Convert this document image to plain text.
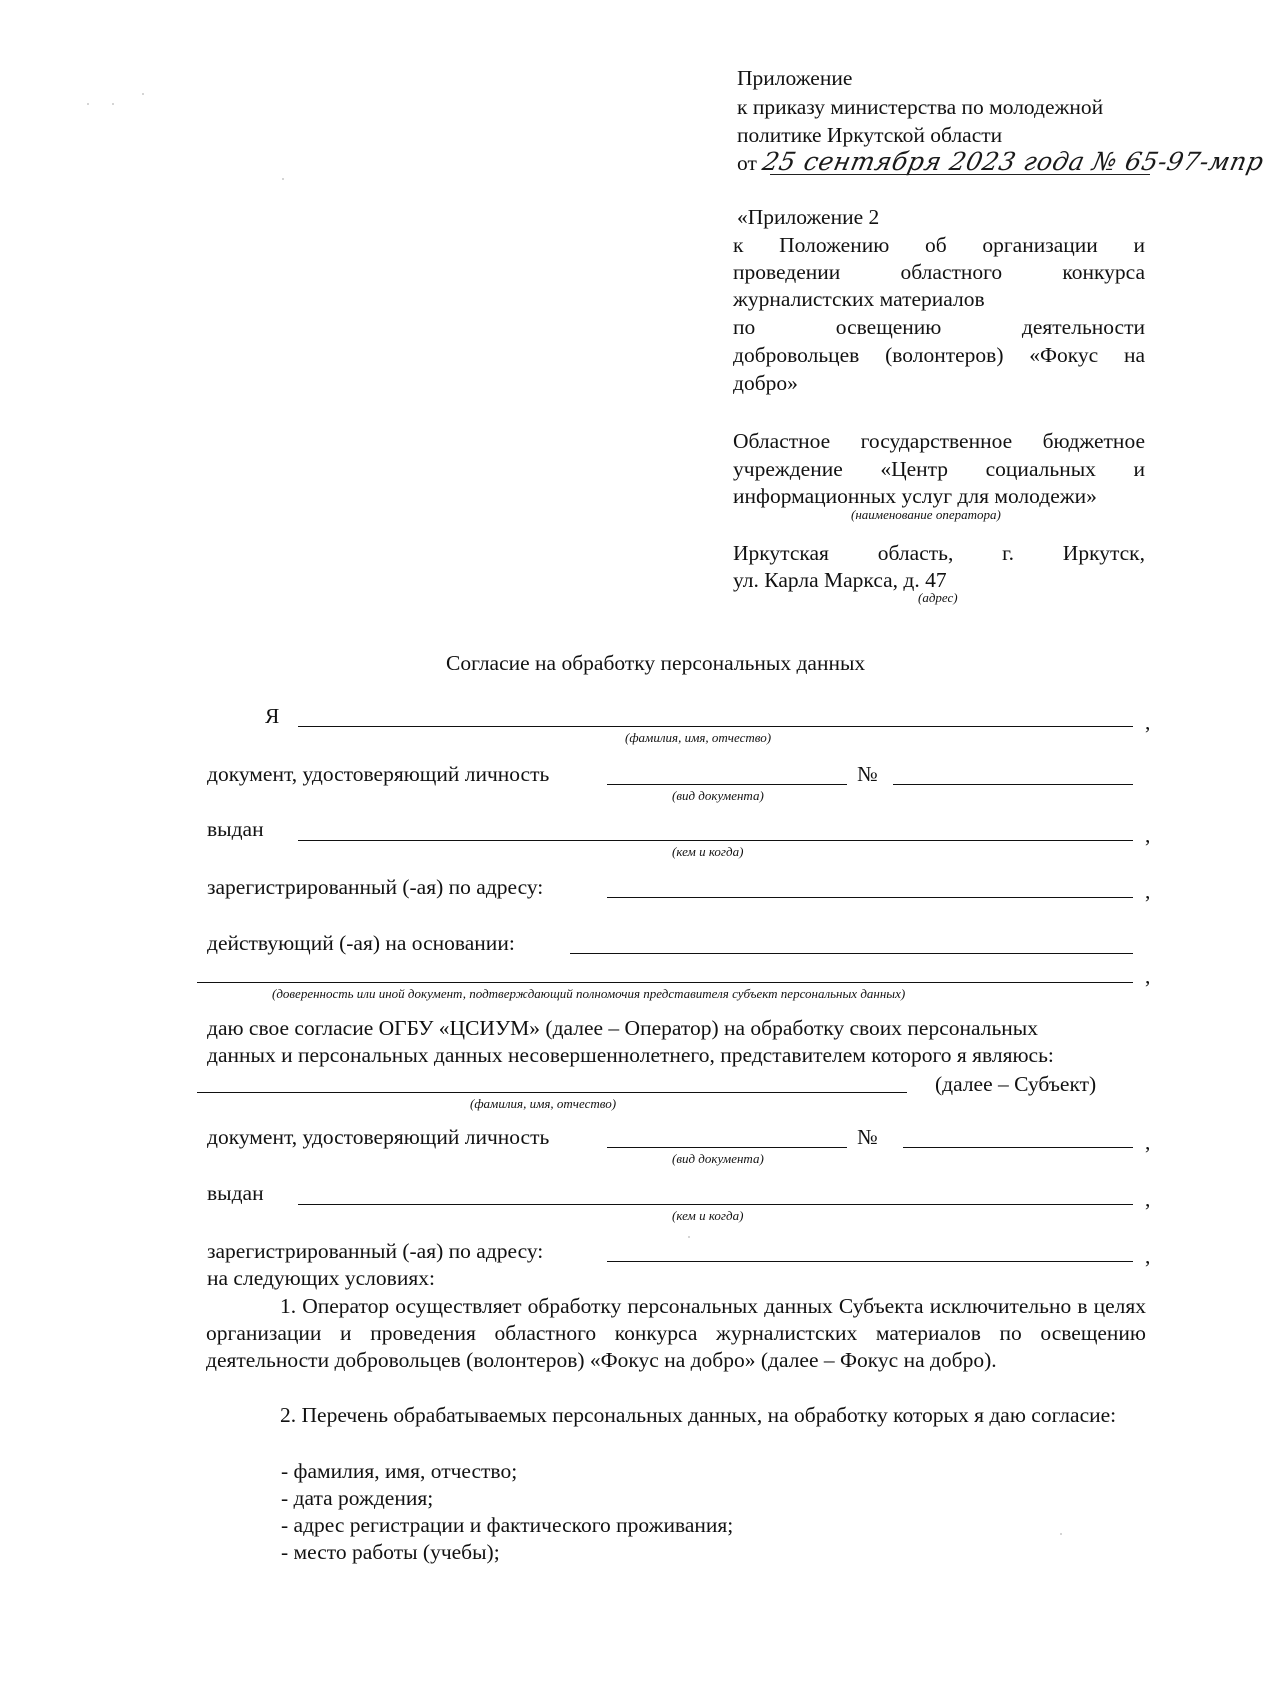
Приложение
к приказу министерства по молодежной
политике Иркутской области
от 25 сентября 2023 года № 65-97-мпр
«Приложение 2
к Положению об организации и
проведении областного конкурса
журналистских материалов
по освещению деятельности
добровольцев (волонтеров) «Фокус на
добро»
Областное государственное бюджетное
учреждение «Центр социальных и
информационных услуг для молодежи»
(наименование оператора)
Иркутская область, г. Иркутск,
ул. Карла Маркса, д. 47
(адрес)
Согласие на обработку персональных данных
Я	,
(фамилия, имя, отчество)
документ, удостоверяющий личность	№
(вид документа)
выдан	,
(кем и когда)
зарегистрированный (-ая) по адресу:	,
действующий (-ая) на основании:
,
(доверенность или иной документ, подтверждающий полномочия представителя субъект персональных данных)
даю свое согласие ОГБУ «ЦСИУМ» (далее – Оператор) на обработку своих персональных
данных и персональных данных несовершеннолетнего, представителем которого я являюсь:
(далее – Субъект)
(фамилия, имя, отчество)
документ, удостоверяющий личность	№	,
(вид документа)
выдан	,
(кем и когда)
зарегистрированный (-ая) по адресу:	,
на следующих условиях:
1. Оператор осуществляет обработку персональных данных Субъекта исключительно в целях организации и проведения областного конкурса журналистских материалов по освещению деятельности добровольцев (волонтеров) «Фокус на добро» (далее – Фокус на добро).
2. Перечень обрабатываемых персональных данных, на обработку которых я даю согласие:
- фамилия, имя, отчество;
- дата рождения;
- адрес регистрации и фактического проживания;
- место работы (учебы);
